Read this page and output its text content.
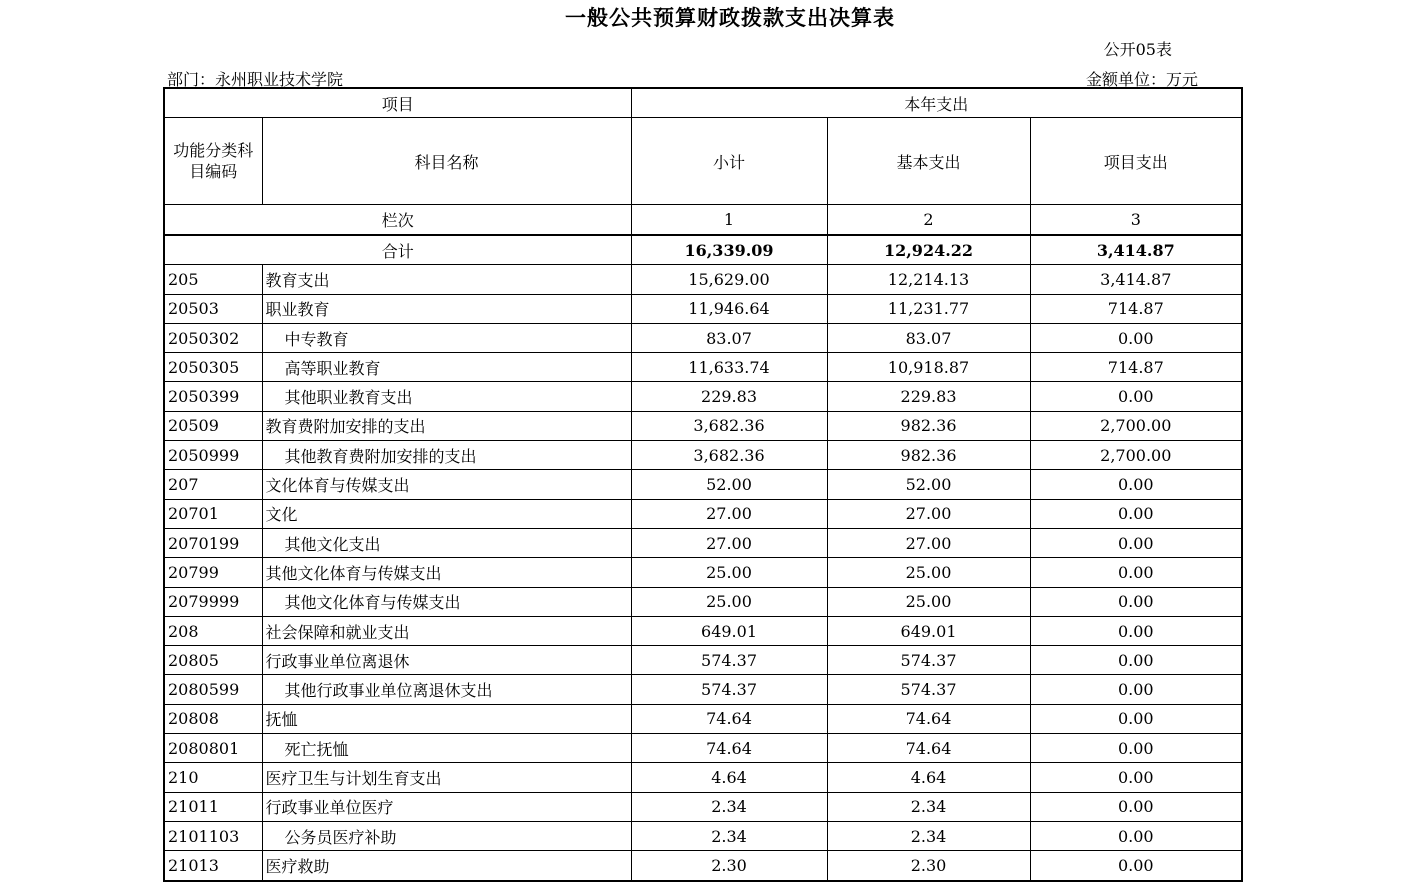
一般公共预算财政拨款支出决算表
公开05表
部门：永州职业技术学院	金额单位：万元
项目		本年支出		
功能分类科目编码	科目名称	小计	基本支出	项目支出
栏次		1	2	3
合计		16,339.09	12,924.22	3,414.87
205	教育支出	15,629.00	12,214.13	3,414.87
20503	职业教育	11,946.64	11,231.77	714.87
2050302	中专教育	83.07	83.07	0.00
2050305	高等职业教育	11,633.74	10,918.87	714.87
2050399	其他职业教育支出	229.83	229.83	0.00
20509	教育费附加安排的支出	3,682.36	982.36	2,700.00
2050999	其他教育费附加安排的支出	3,682.36	982.36	2,700.00
207	文化体育与传媒支出	52.00	52.00	0.00
20701	文化	27.00	27.00	0.00
2070199	其他文化支出	27.00	27.00	0.00
20799	其他文化体育与传媒支出	25.00	25.00	0.00
2079999	其他文化体育与传媒支出	25.00	25.00	0.00
208	社会保障和就业支出	649.01	649.01	0.00
20805	行政事业单位离退休	574.37	574.37	0.00
2080599	其他行政事业单位离退休支出	574.37	574.37	0.00
20808	抚恤	74.64	74.64	0.00
2080801	死亡抚恤	74.64	74.64	0.00
210	医疗卫生与计划生育支出	4.64	4.64	0.00
21011	行政事业单位医疗	2.34	2.34	0.00
2101103	公务员医疗补助	2.34	2.34	0.00
21013	医疗救助	2.30	2.30	0.00
